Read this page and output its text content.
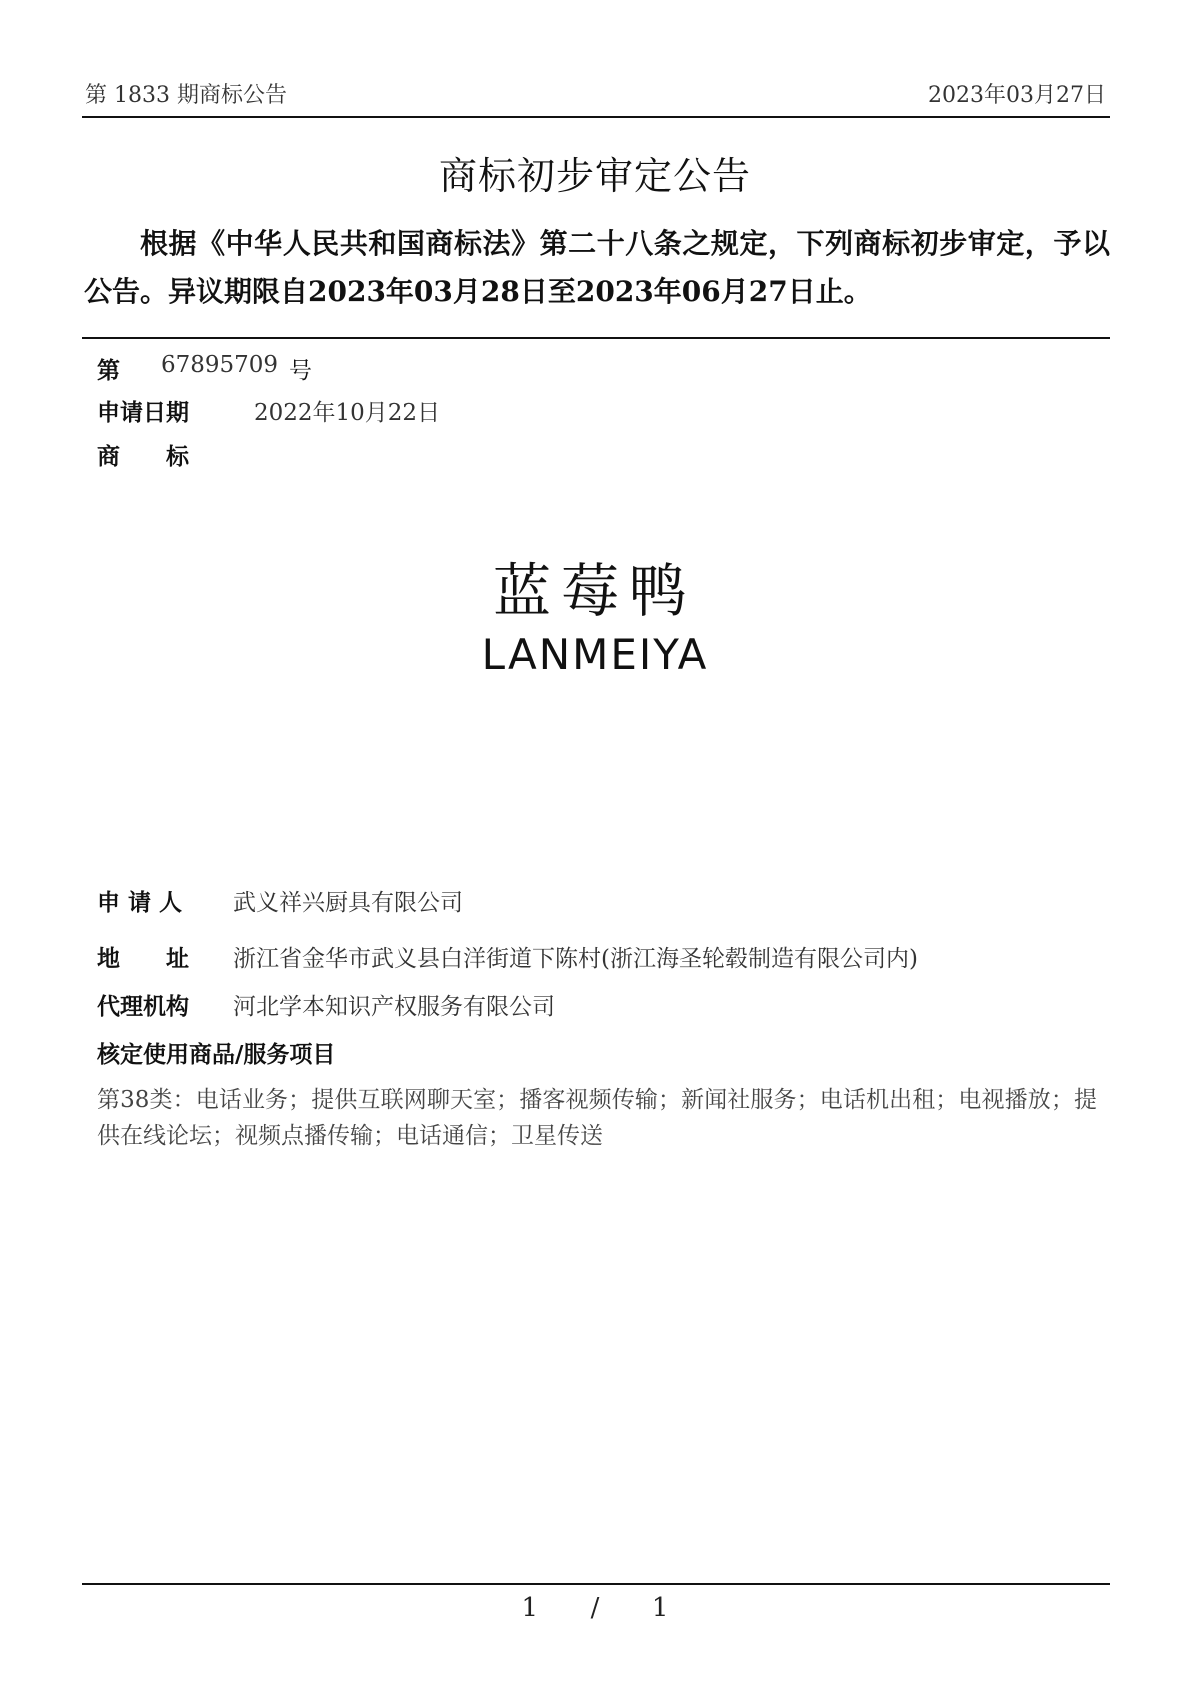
第 1833 期商标公告	2023年03月27日
商标初步审定公告
根据《中华人民共和国商标法》第二十八条之规定，下列商标初步审定，予以公告。异议期限自2023年03月28日至2023年06月27日止。
第 67895709 号
申请日期	2022年10月22日
商　　标
蓝莓鸭
LANMEIYA
申 请 人 武义祥兴厨具有限公司
地　　址 浙江省金华市武义县白洋街道下陈村(浙江海圣轮毂制造有限公司内)
代理机构 河北学本知识产权服务有限公司
核定使用商品/服务项目
第38类：电话业务；提供互联网聊天室；播客视频传输；新闻社服务；电话机出租；电视播放；提供在线论坛；视频点播传输；电话通信；卫星传送
1 / 1
